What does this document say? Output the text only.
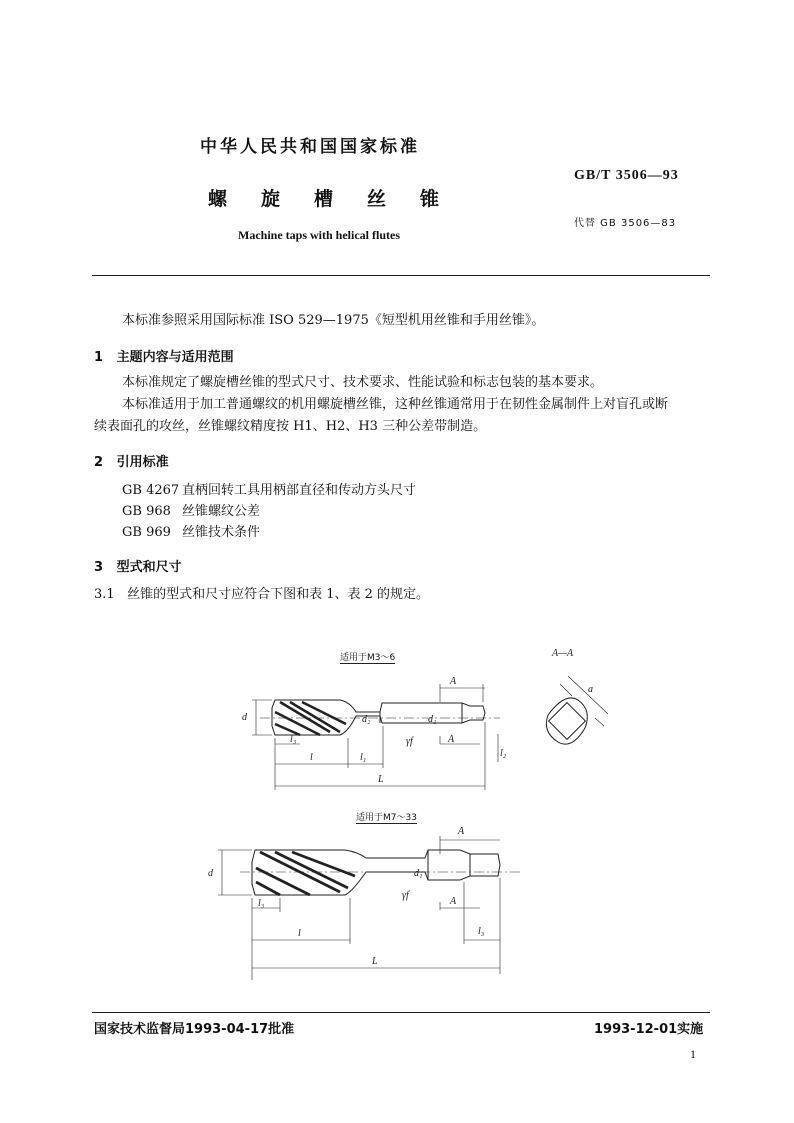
中华人民共和国国家标准
螺旋槽丝锥
Machine taps with helical flutes
GB/T 3506—93
代替 GB 3506—83
本标准参照采用国际标准 ISO 529—1975《短型机用丝锥和手用丝锥》。
1 主题内容与适用范围
本标准规定了螺旋槽丝锥的型式尺寸、技术要求、性能试验和标志包装的基本要求。
本标准适用于加工普通螺纹的机用螺旋槽丝锥，这种丝锥通常用于在韧性金属制件上对盲孔或断
续表面孔的攻丝，丝锥螺纹精度按 H1、H2、H3 三种公差带制造。
2 引用标准
GB 4267 直柄回转工具用柄部直径和传动方头尺寸
GB 968 丝锥螺纹公差
GB 969 丝锥技术条件
3 型式和尺寸
3.1 丝锥的型式和尺寸应符合下图和表 1、表 2 的规定。
适用于M3～6
适用于M7～33
d	d₂	d₁
l₃
l	l₁
L
γf
A
A
l₂
A—A
a
d	d₁
l₃
l
L
γf
A
A
l₃
国家技术监督局1993-04-17批准	1993-12-01实施
1
